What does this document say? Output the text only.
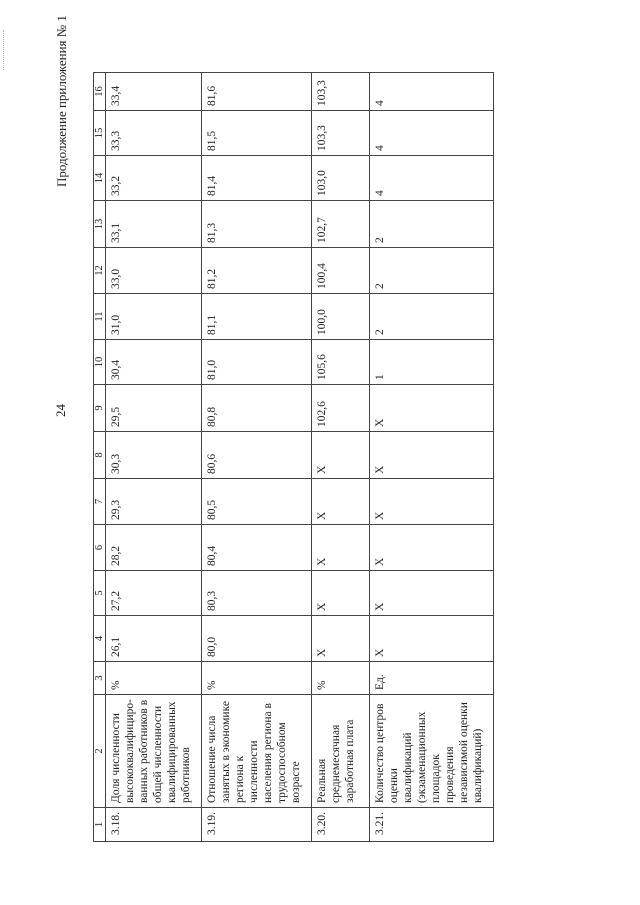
24
Продолжение приложения № 1
1	2	3	4	5	6	7	8	9	10	11	12	13	14	15	16
3.18.	Доля численности высококвалифициро-ванных работников в общей численности квалифицированных работников	%	26,1	27,2	28,2	29,3	30,3	29,5	30,4	31,0	33,0	33,1	33,2	33,3	33,4
3.19.	Отношение числа занятых в экономике региона к численности населения региона в трудоспособном возрасте	%	80,0	80,3	80,4	80,5	80,6	80,8	81,0	81,1	81,2	81,3	81,4	81,5	81,6
3.20.	Реальная среднемесячная заработная плата	%	X	X	X	X	X	102,6	105,6	100,0	100,4	102,7	103,0	103,3	103,3
3.21.	Количество центров оценки квалификаций (экзаменационных площадок проведения независимой оценки квалификаций)	Ед.	X	X	X	X	X	X	1	2	2	2	4	4	4
